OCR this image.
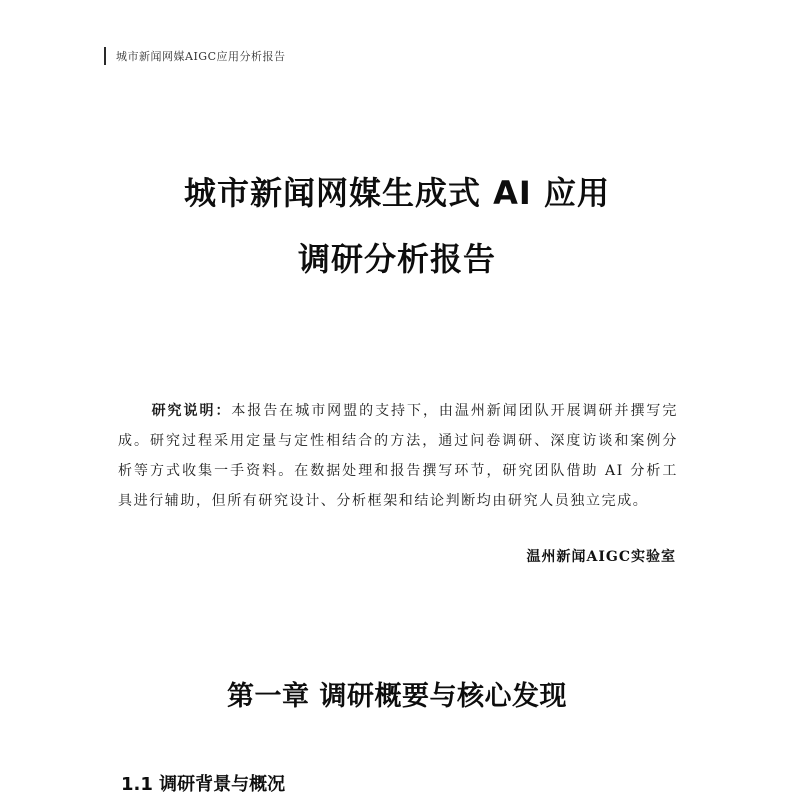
城市新闻网媒AIGC应用分析报告
城市新闻网媒生成式 AI 应用
调研分析报告

研究说明：本报告在城市网盟的支持下，由温州新闻团队开展调研并撰写完成。研究过程采用定量与定性相结合的方法，通过问卷调研、深度访谈和案例分析等方式收集一手资料。在数据处理和报告撰写环节，研究团队借助 AI 分析工具进行辅助，但所有研究设计、分析框架和结论判断均由研究人员独立完成。

温州新闻AIGC实验室
第一章 调研概要与核心发现
1.1 调研背景与概况
